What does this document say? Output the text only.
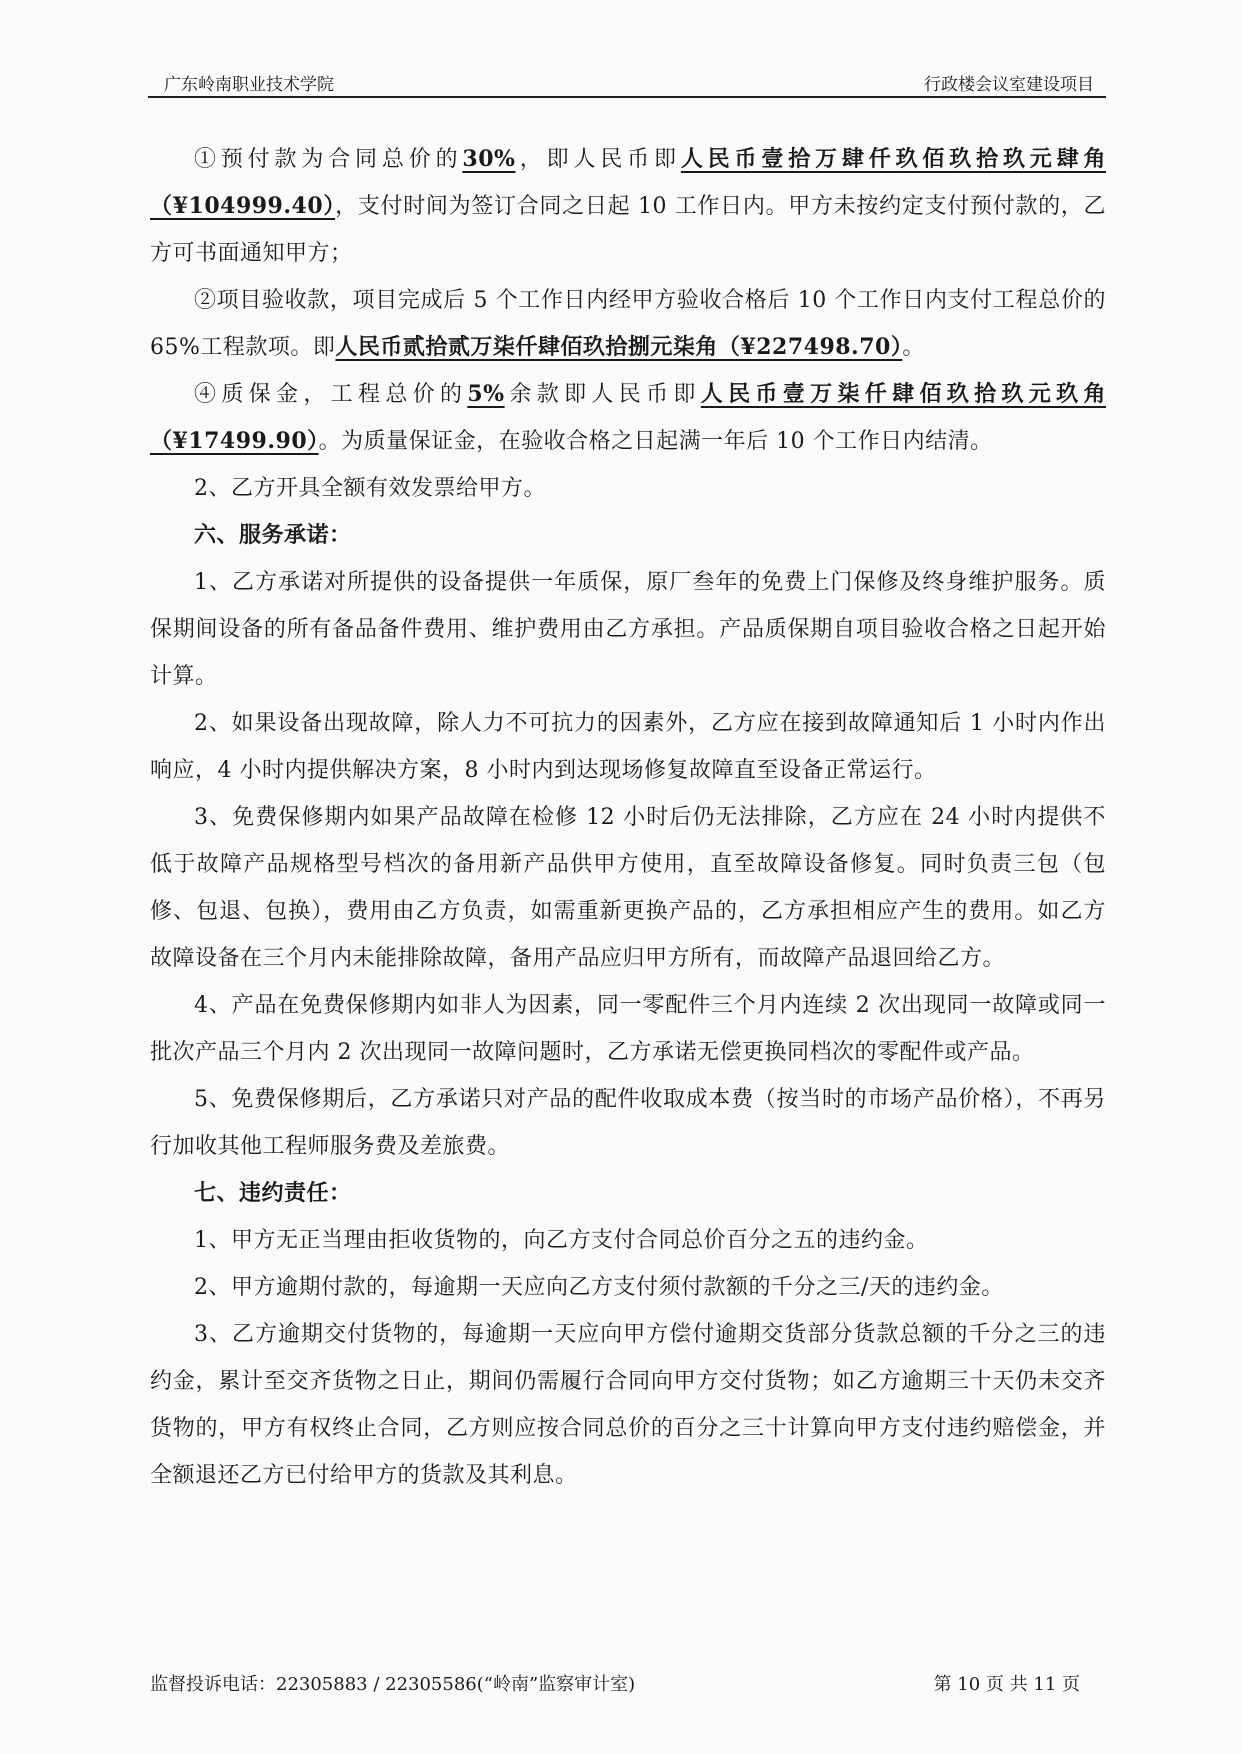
广东岭南职业技术学院	行政楼会议室建设项目

①预付款为合同总价的30%，即人民币即人民币壹拾万肆仟玖佰玖拾玖元肆角（¥104999.40），支付时间为签订合同之日起 10 工作日内。甲方未按约定支付预付款的，乙方可书面通知甲方；

②项目验收款，项目完成后 5 个工作日内经甲方验收合格后 10 个工作日内支付工程总价的 65%工程款项。即人民币贰拾贰万柒仟肆佰玖拾捌元柒角（¥227498.70）。

④质保金，工程总价的5%余款即人民币即人民币壹万柒仟肆佰玖拾玖元玖角（¥17499.90）。为质量保证金，在验收合格之日起满一年后 10 个工作日内结清。

2、乙方开具全额有效发票给甲方。

六、服务承诺：

1、乙方承诺对所提供的设备提供一年质保，原厂叁年的免费上门保修及终身维护服务。质保期间设备的所有备品备件费用、维护费用由乙方承担。产品质保期自项目验收合格之日起开始计算。

2、如果设备出现故障，除人力不可抗力的因素外，乙方应在接到故障通知后 1 小时内作出响应，4 小时内提供解决方案，8 小时内到达现场修复故障直至设备正常运行。

3、免费保修期内如果产品故障在检修 12 小时后仍无法排除，乙方应在 24 小时内提供不低于故障产品规格型号档次的备用新产品供甲方使用，直至故障设备修复。同时负责三包（包修、包退、包换），费用由乙方负责，如需重新更换产品的，乙方承担相应产生的费用。如乙方故障设备在三个月内未能排除故障，备用产品应归甲方所有，而故障产品退回给乙方。

4、产品在免费保修期内如非人为因素，同一零配件三个月内连续 2 次出现同一故障或同一批次产品三个月内 2 次出现同一故障问题时，乙方承诺无偿更换同档次的零配件或产品。

5、免费保修期后，乙方承诺只对产品的配件收取成本费（按当时的市场产品价格），不再另行加收其他工程师服务费及差旅费。

七、违约责任：

1、甲方无正当理由拒收货物的，向乙方支付合同总价百分之五的违约金。

2、甲方逾期付款的，每逾期一天应向乙方支付须付款额的千分之三/天的违约金。

3、乙方逾期交付货物的，每逾期一天应向甲方偿付逾期交货部分货款总额的千分之三的违约金，累计至交齐货物之日止，期间仍需履行合同向甲方交付货物；如乙方逾期三十天仍未交齐货物的，甲方有权终止合同，乙方则应按合同总价的百分之三十计算向甲方支付违约赔偿金，并全额退还乙方已付给甲方的货款及其利息。

监督投诉电话：22305883 / 22305586(“岭南”监察审计室)	第 10 页 共 11 页
